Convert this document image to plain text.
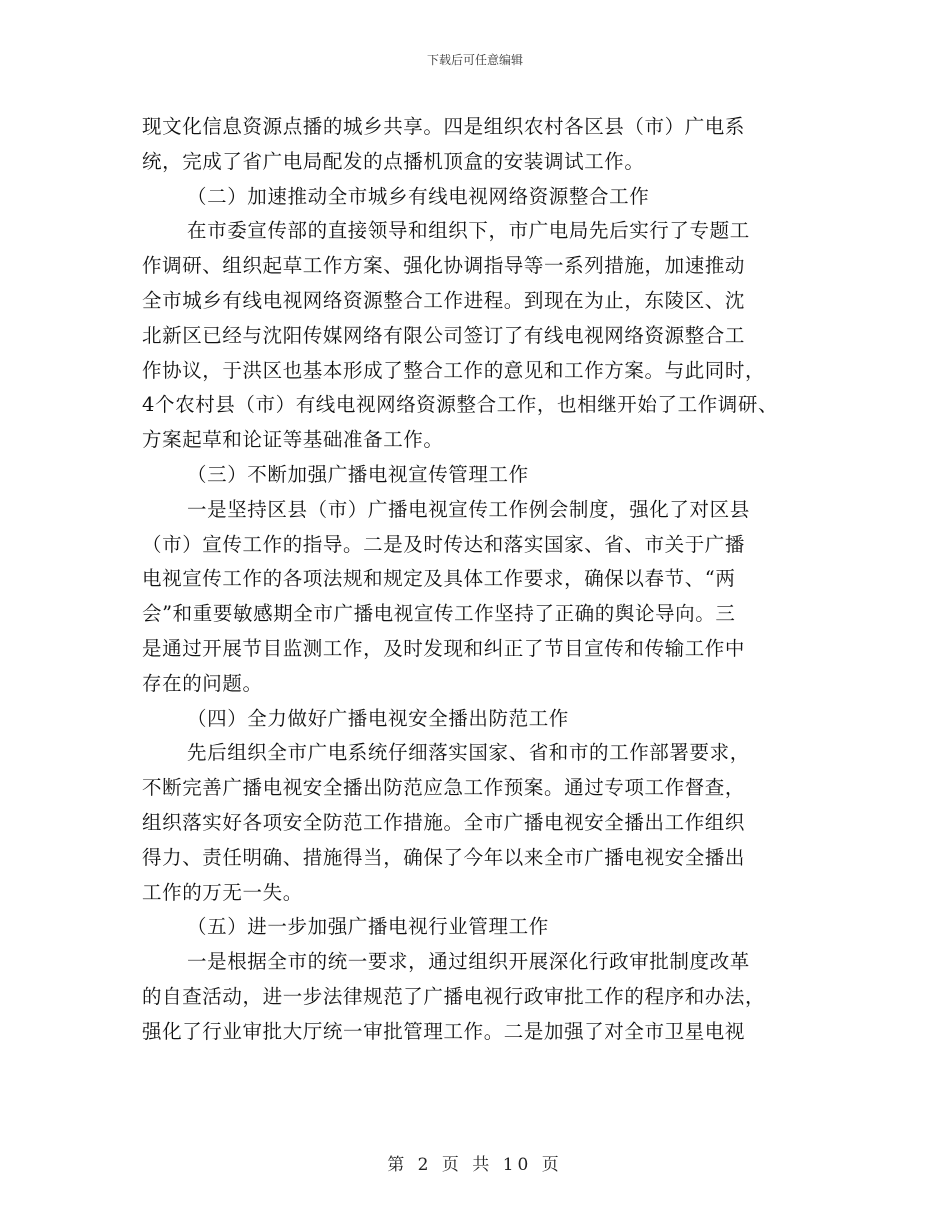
下载后可任意编辑
现文化信息资源点播的城乡共享。四是组织农村各区县（市）广电系
统，完成了省广电局配发的点播机顶盒的安装调试工作。
（二）加速推动全市城乡有线电视网络资源整合工作
在市委宣传部的直接领导和组织下，市广电局先后实行了专题工
作调研、组织起草工作方案、强化协调指导等一系列措施，加速推动
全市城乡有线电视网络资源整合工作进程。到现在为止，东陵区、沈
北新区已经与沈阳传媒网络有限公司签订了有线电视网络资源整合工
作协议，于洪区也基本形成了整合工作的意见和工作方案。与此同时，
4个农村县（市）有线电视网络资源整合工作，也相继开始了工作调研、
方案起草和论证等基础准备工作。
（三）不断加强广播电视宣传管理工作
一是坚持区县（市）广播电视宣传工作例会制度，强化了对区县
（市）宣传工作的指导。二是及时传达和落实国家、省、市关于广播
电视宣传工作的各项法规和规定及具体工作要求，确保以春节、“两
会”和重要敏感期全市广播电视宣传工作坚持了正确的舆论导向。三
是通过开展节目监测工作，及时发现和纠正了节目宣传和传输工作中
存在的问题。
（四）全力做好广播电视安全播出防范工作
先后组织全市广电系统仔细落实国家、省和市的工作部署要求，
不断完善广播电视安全播出防范应急工作预案。通过专项工作督查，
组织落实好各项安全防范工作措施。全市广播电视安全播出工作组织
得力、责任明确、措施得当，确保了今年以来全市广播电视安全播出
工作的万无一失。
（五）进一步加强广播电视行业管理工作
一是根据全市的统一要求，通过组织开展深化行政审批制度改革
的自查活动，进一步法律规范了广播电视行政审批工作的程序和办法，
强化了行业审批大厅统一审批管理工作。二是加强了对全市卫星电视
第 2 页 共 10 页
